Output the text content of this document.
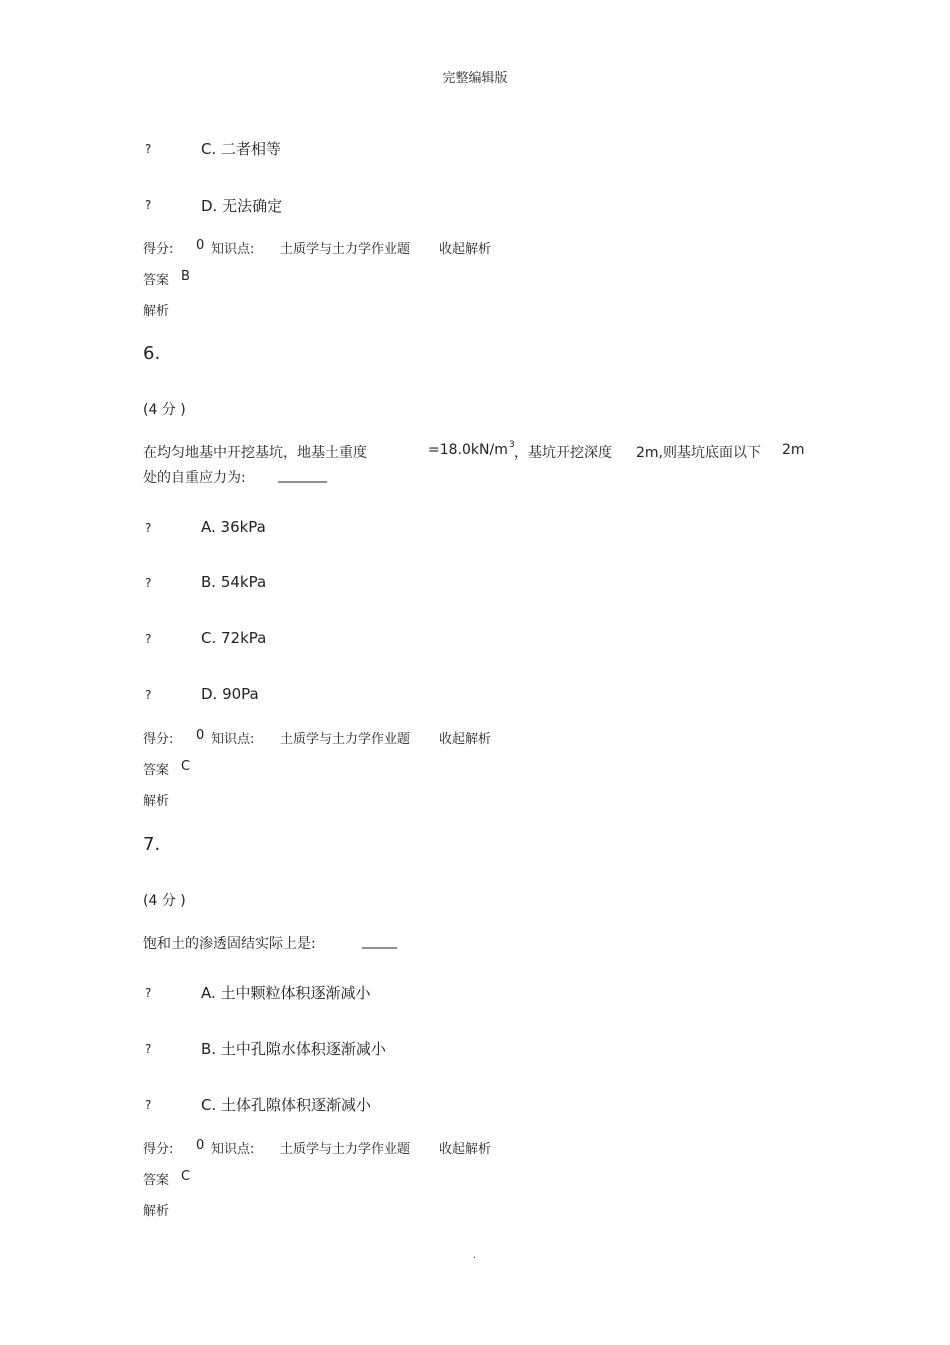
完整编辑版
?	C. 二者相等
?	D. 无法确定
得分: 0 知识点: 土质学与土力学作业题 收起解析
答案 B
解析
6.
(4 分 )
在均匀地基中开挖基坑，地基土重度	=18.0kN/m 3 ，基坑开挖深度 2m,则基坑底面以下 2m
处的自重应力为: _______
?	A. 36kPa
?	B. 54kPa
?	C. 72kPa
?	D. 90Pa
得分: 0 知识点: 土质学与土力学作业题 收起解析
答案 C
解析
7.
(4 分 )
饱和土的渗透固结实际上是:	_____
?	A. 土中颗粒体积逐渐减小
?	B. 土中孔隙水体积逐渐减小
?	C. 土体孔隙体积逐渐减小
得分: 0 知识点: 土质学与土力学作业题 收起解析
答案 C
解析
.
